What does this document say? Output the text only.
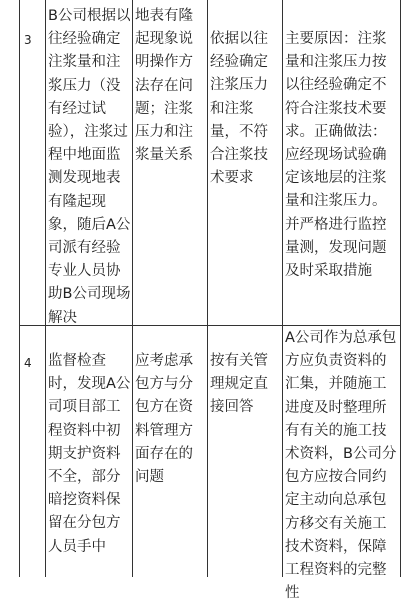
3
B公司根据以往经验确定注浆量和注浆压力（没有经过试验），注浆过程中地面监测发现地表有隆起现象，随后A公司派有经验专业人员协助B公司现场解决
地表有隆起现象说明操作方法存在问题；注浆压力和注浆量关系
依据以往经验确定注浆压力和注浆量，不符合注浆技术要求
主要原因：注浆量和注浆压力按以往经验确定不符合注浆技术要求。正确做法：应经现场试验确定该地层的注浆量和注浆压力。并严格进行监控量测，发现问题及时采取措施
4 监督检查时，发现A公司项目部工程资料中初期支护资料不全，部分暗挖资料保留在分包方人员手中
应考虑承包方与分包方在资料管理方面存在的问题
按有关管理规定直接回答
A公司作为总承包方应负责资料的汇集，并随施工进度及时整理所有有关的施工技术资料，B公司分包方应按合同约定主动向总承包方移交有关施工技术资料，保障工程资料的完整性
